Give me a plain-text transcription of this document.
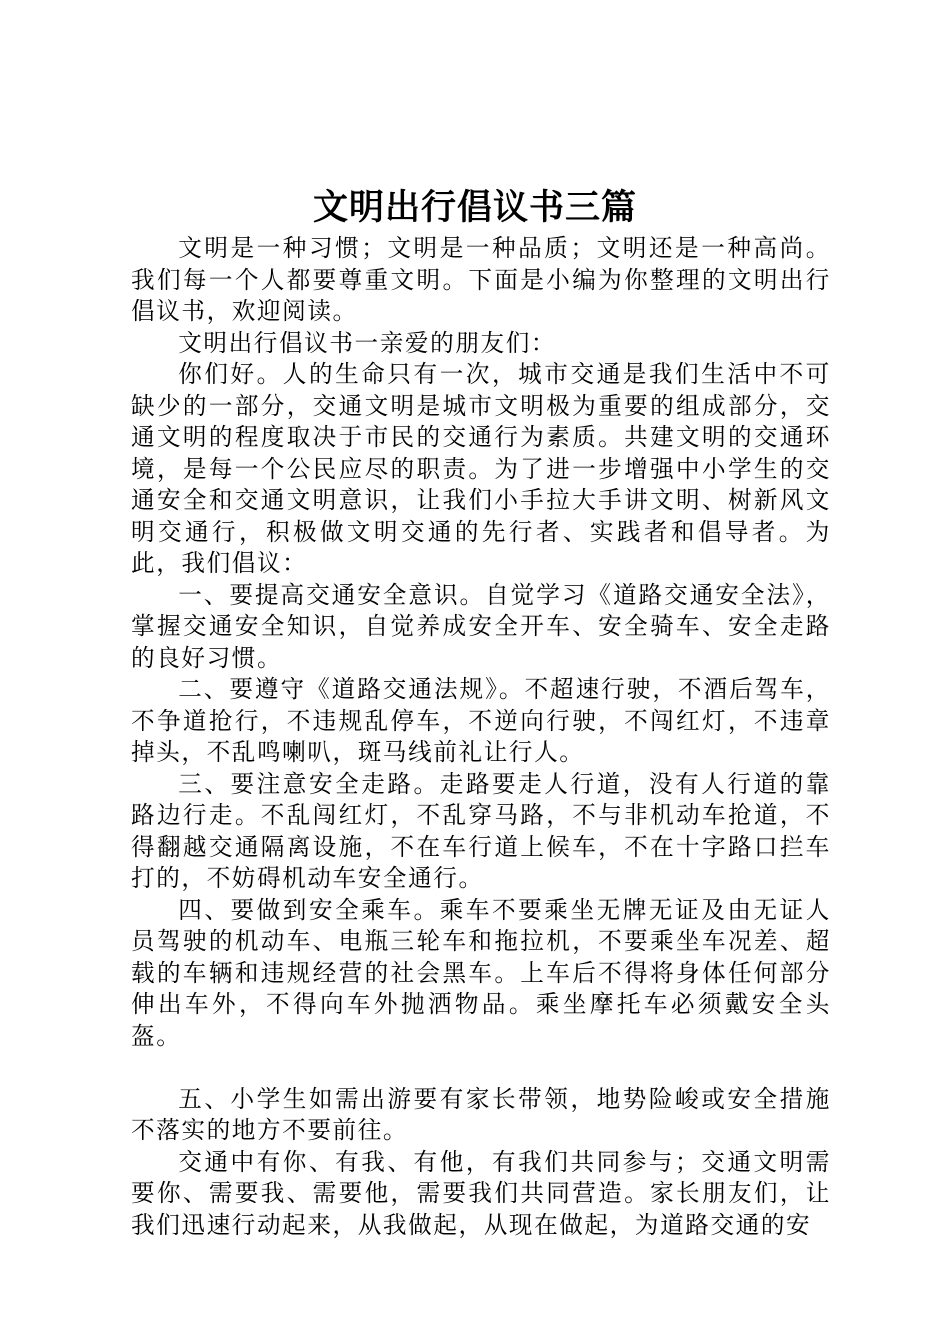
文明出行倡议书三篇

文明是一种习惯；文明是一种品质；文明还是一种高尚。我们每一个人都要尊重文明。下面是小编为你整理的文明出行倡议书，欢迎阅读。

文明出行倡议书一亲爱的朋友们：

你们好。人的生命只有一次，城市交通是我们生活中不可缺少的一部分，交通文明是城市文明极为重要的组成部分，交通文明的程度取决于市民的交通行为素质。共建文明的交通环境，是每一个公民应尽的职责。为了进一步增强中小学生的交通安全和交通文明意识，让我们小手拉大手讲文明、树新风文明交通行，积极做文明交通的先行者、实践者和倡导者。为此，我们倡议：

一、要提高交通安全意识。自觉学习《道路交通安全法》，掌握交通安全知识，自觉养成安全开车、安全骑车、安全走路的良好习惯。

二、要遵守《道路交通法规》。不超速行驶，不酒后驾车，不争道抢行，不违规乱停车，不逆向行驶，不闯红灯，不违章掉头，不乱鸣喇叭，斑马线前礼让行人。

三、要注意安全走路。走路要走人行道，没有人行道的靠路边行走。不乱闯红灯，不乱穿马路，不与非机动车抢道，不得翻越交通隔离设施，不在车行道上候车，不在十字路口拦车打的，不妨碍机动车安全通行。

四、要做到安全乘车。乘车不要乘坐无牌无证及由无证人员驾驶的机动车、电瓶三轮车和拖拉机，不要乘坐车况差、超载的车辆和违规经营的社会黑车。上车后不得将身体任何部分伸出车外，不得向车外抛洒物品。乘坐摩托车必须戴安全头盔。

五、小学生如需出游要有家长带领，地势险峻或安全措施不落实的地方不要前往。

交通中有你、有我、有他，有我们共同参与；交通文明需要你、需要我、需要他，需要我们共同营造。家长朋友们，让我们迅速行动起来，从我做起，从现在做起，为道路交通的安
